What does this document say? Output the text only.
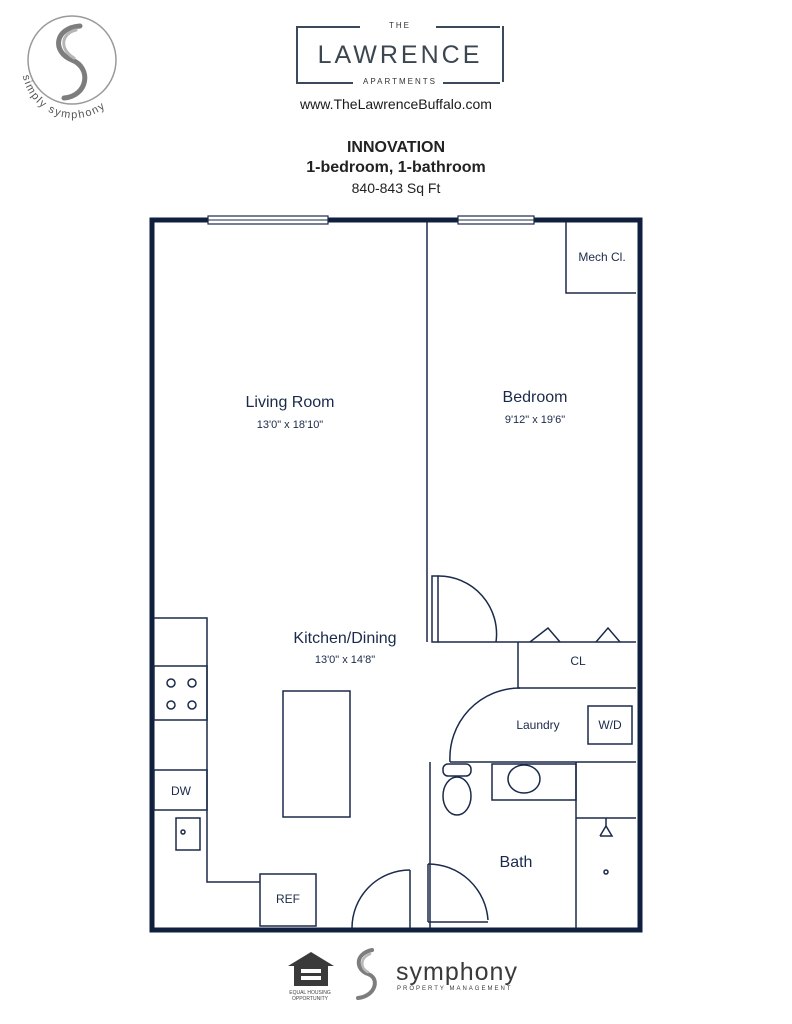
simply symphony
THE
LAWRENCE
APARTMENTS
www.TheLawrenceBuffalo.com
INNOVATION
1-bedroom, 1-bathroom
840-843 Sq Ft
Living Room
13'0" x 18'10"
Bedroom
9'12" x 19'6"
Kitchen/Dining
13'0" x 14'8"
Bath
Laundry
CL
Mech Cl.
DW
REF
W/D
EQUAL HOUSING OPPORTUNITY
symphony
PROPERTY MANAGEMENT
